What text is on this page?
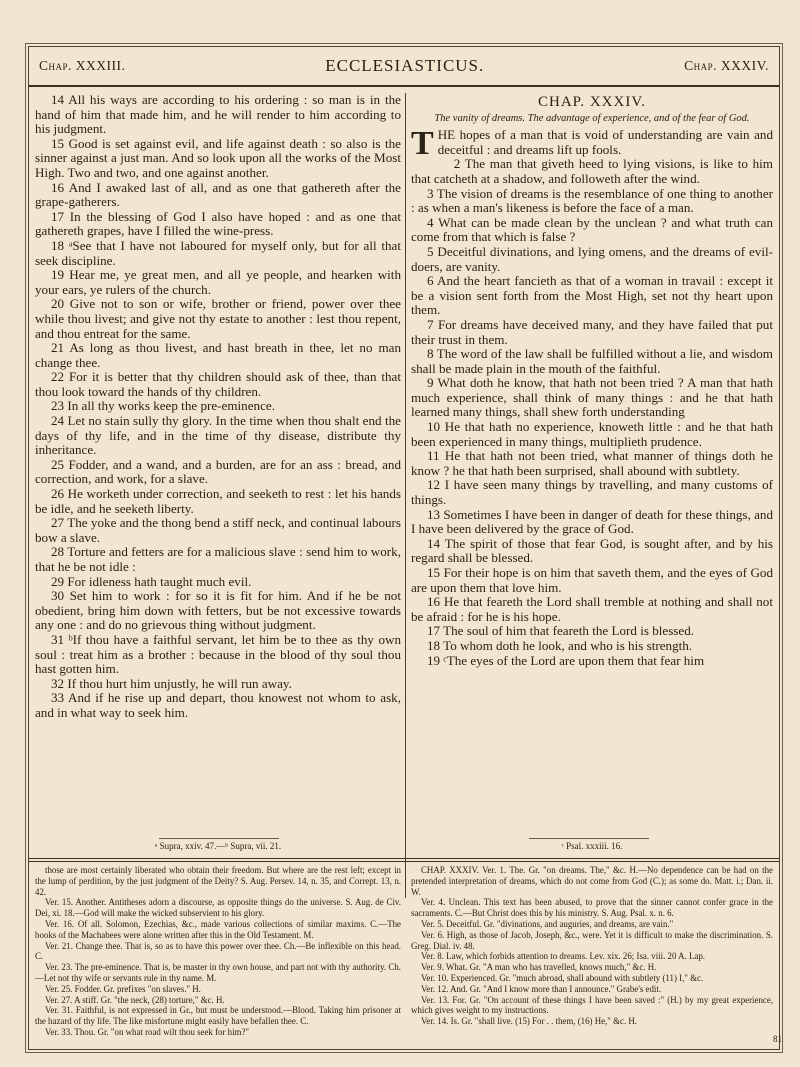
Chap. XXXIII.	ECCLESIASTICUS.	Chap. XXXIV.

14 All his ways are according to his ordering : so man is in the hand of him that made him, and he will render to him according to his judgment.

15 Good is set against evil, and life against death : so also is the sinner against a just man. And so look upon all the works of the Most High. Two and two, and one against another.

16 And I awaked last of all, and as one that gathereth after the grape-gatherers.

17 In the blessing of God I also have hoped : and as one that gathereth grapes, have I filled the wine-press.

18 ᵃSee that I have not laboured for myself only, but for all that seek discipline.

19 Hear me, ye great men, and all ye people, and hearken with your ears, ye rulers of the church.

20 Give not to son or wife, brother or friend, power over thee while thou livest; and give not thy estate to another : lest thou repent, and thou entreat for the same.

21 As long as thou livest, and hast breath in thee, let no man change thee.

22 For it is better that thy children should ask of thee, than that thou look toward the hands of thy children.

23 In all thy works keep the pre-eminence.

24 Let no stain sully thy glory. In the time when thou shalt end the days of thy life, and in the time of thy disease, distribute thy inheritance.

25 Fodder, and a wand, and a burden, are for an ass : bread, and correction, and work, for a slave.

26 He worketh under correction, and seeketh to rest : let his hands be idle, and he seeketh liberty.

27 The yoke and the thong bend a stiff neck, and continual labours bow a slave.

28 Torture and fetters are for a malicious slave : send him to work, that he be not idle :

29 For idleness hath taught much evil.

30 Set him to work : for so it is fit for him. And if he be not obedient, bring him down with fetters, but be not excessive towards any one : and do no grievous thing without judgment.

31 ᵇIf thou have a faithful servant, let him be to thee as thy own soul : treat him as a brother : because in the blood of thy soul thou hast gotten him.

32 If thou hurt him unjustly, he will run away.

33 And if he rise up and depart, thou knowest not whom to ask, and in what way to seek him.

CHAP. XXXIV.
The vanity of dreams. The advantage of experience, and of the fear of God.

THE hopes of a man that is void of understanding are vain and deceitful : and dreams lift up fools.

2 The man that giveth heed to lying visions, is like to him that catcheth at a shadow, and followeth after the wind.

3 The vision of dreams is the resemblance of one thing to another : as when a man's likeness is before the face of a man.

4 What can be made clean by the unclean ? and what truth can come from that which is false ?

5 Deceitful divinations, and lying omens, and the dreams of evil-doers, are vanity.

6 And the heart fancieth as that of a woman in travail : except it be a vision sent forth from the Most High, set not thy heart upon them.

7 For dreams have deceived many, and they have failed that put their trust in them.

8 The word of the law shall be fulfilled without a lie, and wisdom shall be made plain in the mouth of the faithful.

9 What doth he know, that hath not been tried ? A man that hath much experience, shall think of many things : and he that hath learned many things, shall shew forth understanding

10 He that hath no experience, knoweth little : and he that hath been experienced in many things, multiplieth prudence.

11 He that hath not been tried, what manner of things doth he know ? he that hath been surprised, shall abound with subtlety.

12 I have seen many things by travelling, and many customs of things.

13 Sometimes I have been in danger of death for these things, and I have been delivered by the grace of God.

14 The spirit of those that fear God, is sought after, and by his regard shall be blessed.

15 For their hope is on him that saveth them, and the eyes of God are upon them that love him.

16 He that feareth the Lord shall tremble at nothing and shall not be afraid : for he is his hope.

17 The soul of him that feareth the Lord is blessed.

18 To whom doth he look, and who is his strength.

19 ᶜThe eyes of the Lord are upon them that fear him

ᵃ Supra, xxiv. 47.—ᵇ Supra, vii. 21.	ᶜ Psal. xxxiii. 16.

those are most certainly liberated who obtain their freedom. But where are the rest left; except in the lump of perdition, by the just judgment of the Deity? S. Aug. Persev. 14, n. 35, and Corrept. 13, n. 42.

Ver. 15. Another. Antitheses adorn a discourse, as opposite things do the universe. S. Aug. de Civ. Dei, xi. 18.—God will make the wicked subservient to his glory.

Ver. 16. Of all. Solomon, Ezechias, &c., made various collections of similar maxims. C.—The books of the Machabees were alone written after this in the Old Testament. M.

Ver. 21. Change thee. That is, so as to have this power over thee. Ch.—Be inflexible on this head. C.

Ver. 23. The pre-eminence. That is, be master in thy own house, and part not with thy authority. Ch.—Let not thy wife or servants rule in thy name. M.

Ver. 25. Fodder. Gr. prefixes "on slaves." H.

Ver. 27. A stiff. Gr. "the neck, (28) torture," &c. H.

Ver. 31. Faithful, is not expressed in Gr., but must be understood.—Blood. Taking him prisoner at the hazard of thy life. The like misfortune might easily have befallen thee. C.

Ver. 33. Thou. Gr. "on what road wilt thou seek for him?"

CHAP. XXXIV. Ver. 1. The. Gr. "on dreams. The," &c. H.—No dependence can be had on the pretended interpretation of dreams, which do not come from God (C.); as some do. Matt. i.; Dan. ii. W.

Ver. 4. Unclean. This text has been abused, to prove that the sinner cannot confer grace in the sacraments. C.—But Christ does this by his ministry. S. Aug. Psal. x. n. 6.

Ver. 5. Deceitful. Gr. "divinations, and auguries, and dreams, are vain."

Ver. 6. High, as those of Jacob, Joseph, &c., were. Yet it is difficult to make the discrimination. S. Greg. Dial. iv. 48.

Ver. 8. Law, which forbids attention to dreams. Lev. xix. 26; Isa. viii. 20 A. Lap.

Ver. 9. What. Gr. "A man who has travelled, knows much," &c. H.

Ver. 10. Experienced. Gr. "much abroad, shall abound with subtlety (11) I," &c.

Ver. 12. And. Gr. "And I know more than I announce." Grabe's edit.

Ver. 13. For. Gr. "On account of these things I have been saved :" (H.) by my great experience, which gives weight to my instructions.

Ver. 14. Is. Gr. "shall live. (15) For . . them, (16) He," &c. H.

81
